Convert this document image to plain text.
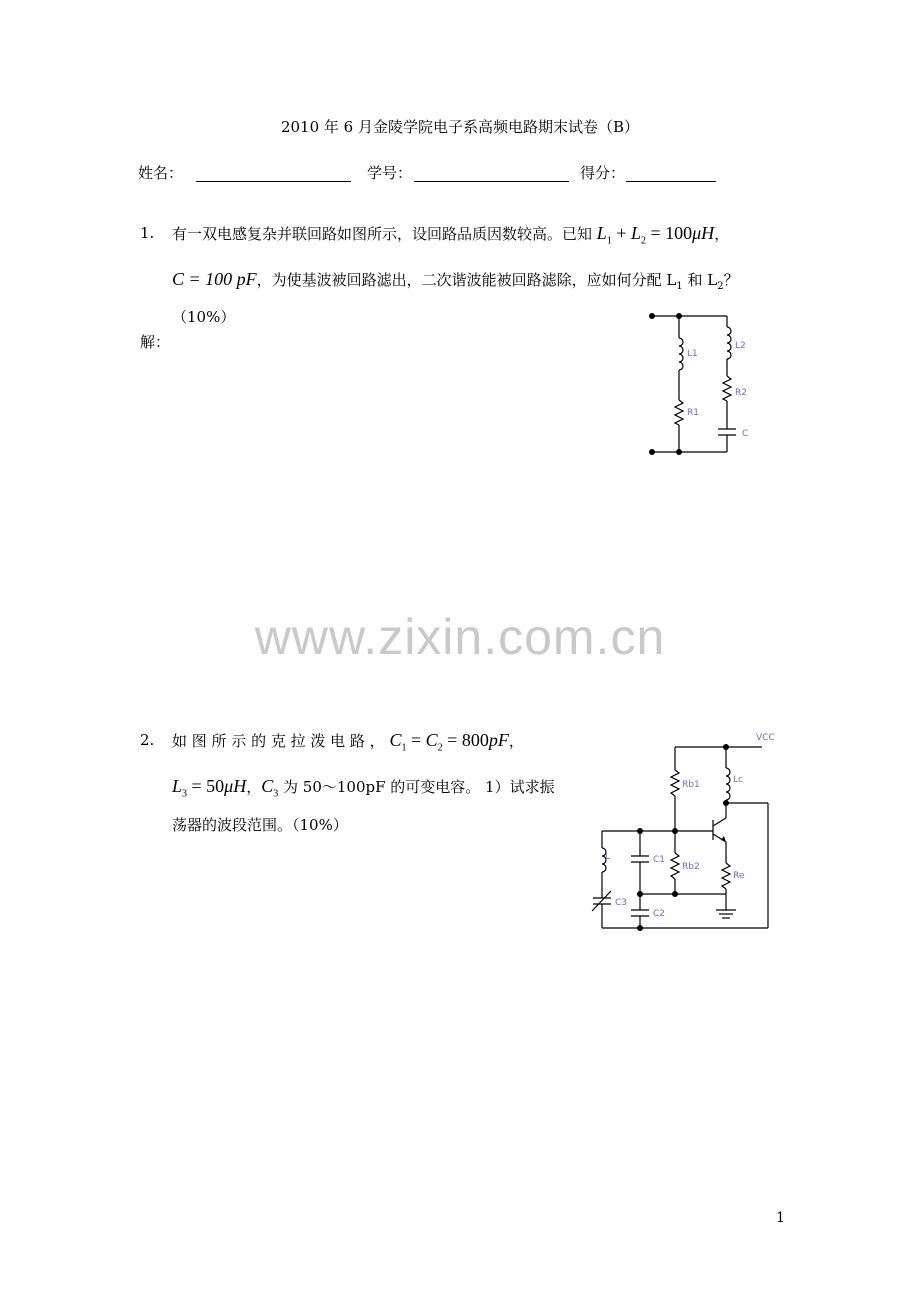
2010 年 6 月金陵学院电子系高频电路期末试卷（B）
姓名：	学号：	得分：
1. 有一双电感复杂并联回路如图所示，设回路品质因数较高。已知 $L_1 + L_2 = 100\mu H$，
C = 100 pF，为使基波被回路滤出，二次谐波能被回路滤除，应如何分配 $L_1$ 和 $L_2$？
（10%）
解：
L1
L2
R1
R2
C
www.zixin.com.cn
2. 如 图 所 示 的 克 拉 泼 电 路 ， $C_1 = C_2 = 800pF$，
$L_3 = 50\mu H$，$C_3$ 为 50～100pF 的可变电容。 1）试求振
荡器的波段范围。（10%）
VCC
Rb1	Lc
C1
Rb2
Re
L
C3
C2
1
